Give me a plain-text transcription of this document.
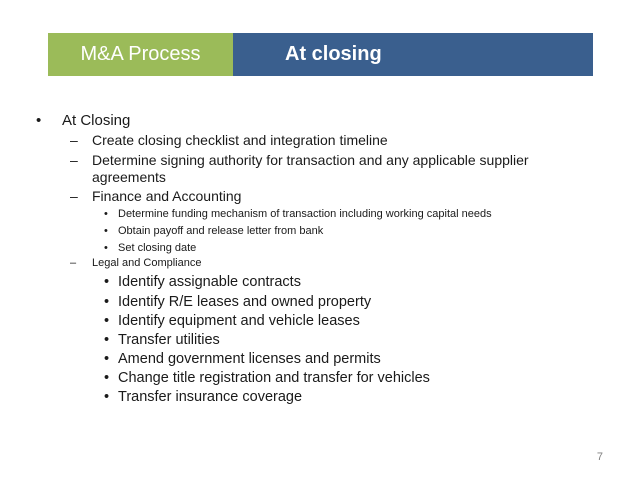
M&A Process	At closing
• At Closing
– Create closing checklist and integration timeline
– Determine signing authority for transaction and any applicable supplier
agreements
– Finance and Accounting
• Determine funding mechanism of transaction including working capital needs
• Obtain payoff and release letter from bank
• Set closing date
– Legal and Compliance
• Identify assignable contracts
• Identify R/E leases and owned property
• Identify equipment and vehicle leases
• Transfer utilities
• Amend government licenses and permits
• Change title registration and transfer for vehicles
• Transfer insurance coverage
7
